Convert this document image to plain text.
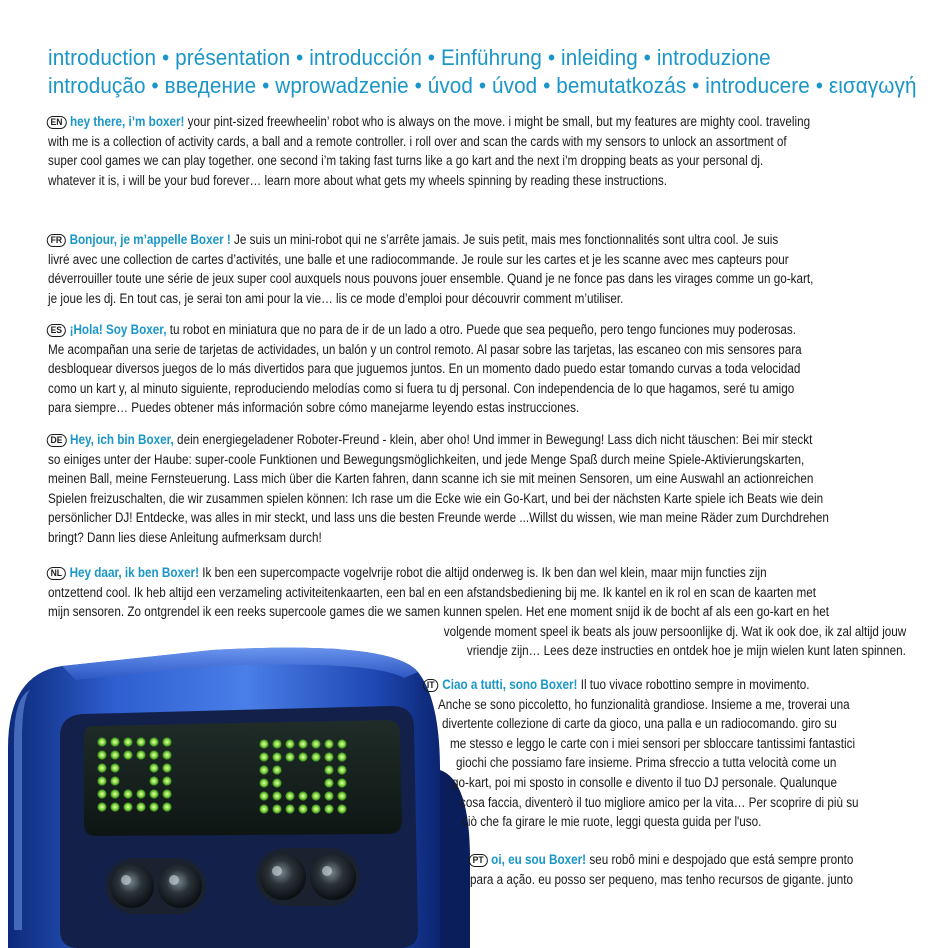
introduction • présentation • introducción • Einführung • inleiding • introduzione
introdução • введение • wprowadzenie • úvod • úvod • bemutatkozás • introducere • εισαγωγή
EN hey there, i’m boxer! your pint-sized freewheelin’ robot who is always on the move. i might be small, but my features are mighty cool. traveling
with me is a collection of activity cards, a ball and a remote controller. i roll over and scan the cards with my sensors to unlock an assortment of
super cool games we can play together. one second i’m taking fast turns like a go kart and the next i’m dropping beats as your personal dj.
whatever it is, i will be your bud forever… learn more about what gets my wheels spinning by reading these instructions.
FR Bonjour, je m’appelle Boxer ! Je suis un mini-robot qui ne s’arrête jamais. Je suis petit, mais mes fonctionnalités sont ultra cool. Je suis
livré avec une collection de cartes d’activités, une balle et une radiocommande. Je roule sur les cartes et je les scanne avec mes capteurs pour
déverrouiller toute une série de jeux super cool auxquels nous pouvons jouer ensemble. Quand je ne fonce pas dans les virages comme un go-kart,
je joue les dj. En tout cas, je serai ton ami pour la vie… lis ce mode d’emploi pour découvrir comment m’utiliser.
ES ¡Hola! Soy Boxer, tu robot en miniatura que no para de ir de un lado a otro. Puede que sea pequeño, pero tengo funciones muy poderosas.
Me acompañan una serie de tarjetas de actividades, un balón y un control remoto. Al pasar sobre las tarjetas, las escaneo con mis sensores para
desbloquear diversos juegos de lo más divertidos para que juguemos juntos. En un momento dado puedo estar tomando curvas a toda velocidad
como un kart y, al minuto siguiente, reproduciendo melodías como si fuera tu dj personal. Con independencia de lo que hagamos, seré tu amigo
para siempre… Puedes obtener más información sobre cómo manejarme leyendo estas instrucciones.
DE Hey, ich bin Boxer, dein energiegeladener Roboter-Freund - klein, aber oho! Und immer in Bewegung! Lass dich nicht täuschen: Bei mir steckt
so einiges unter der Haube: super-coole Funktionen und Bewegungsmöglichkeiten, und jede Menge Spaß durch meine Spiele-Aktivierungskarten,
meinen Ball, meine Fernsteuerung. Lass mich über die Karten fahren, dann scanne ich sie mit meinen Sensoren, um eine Auswahl an actionreichen
Spielen freizuschalten, die wir zusammen spielen können: Ich rase um die Ecke wie ein Go-Kart, und bei der nächsten Karte spiele ich Beats wie dein
persönlicher DJ! Entdecke, was alles in mir steckt, und lass uns die besten Freunde werde ...Willst du wissen, wie man meine Räder zum Durchdrehen
bringt? Dann lies diese Anleitung aufmerksam durch!
NL Hey daar, ik ben Boxer! Ik ben een supercompacte vogelvrije robot die altijd onderweg is. Ik ben dan wel klein, maar mijn functies zijn
ontzettend cool. Ik heb altijd een verzameling activiteitenkaarten, een bal en een afstandsbediening bij me. Ik kantel en ik rol en scan de kaarten met
mijn sensoren. Zo ontgrendel ik een reeks supercoole games die we samen kunnen spelen. Het ene moment snijd ik de bocht af als een go-kart en het
volgende moment speel ik beats als jouw persoonlijke dj. Wat ik ook doe, ik zal altijd jouw
vriendje zijn… Lees deze instructies en ontdek hoe je mijn wielen kunt laten spinnen.
IT Ciao a tutti, sono Boxer! Il tuo vivace robottino sempre in movimento.
Anche se sono piccoletto, ho funzionalità grandiose. Insieme a me, troverai una
divertente collezione di carte da gioco, una palla e un radiocomando. giro su
me stesso e leggo le carte con i miei sensori per sbloccare tantissimi fantastici
giochi che possiamo fare insieme. Prima sfreccio a tutta velocità come un
go-kart, poi mi sposto in consolle e divento il tuo DJ personale. Qualunque
cosa faccia, diventerò il tuo migliore amico per la vita… Per scoprire di più su
ciò che fa girare le mie ruote, leggi questa guida per l'uso.
PT oi, eu sou Boxer! seu robô mini e despojado que está sempre pronto
para a ação. eu posso ser pequeno, mas tenho recursos de gigante. junto
